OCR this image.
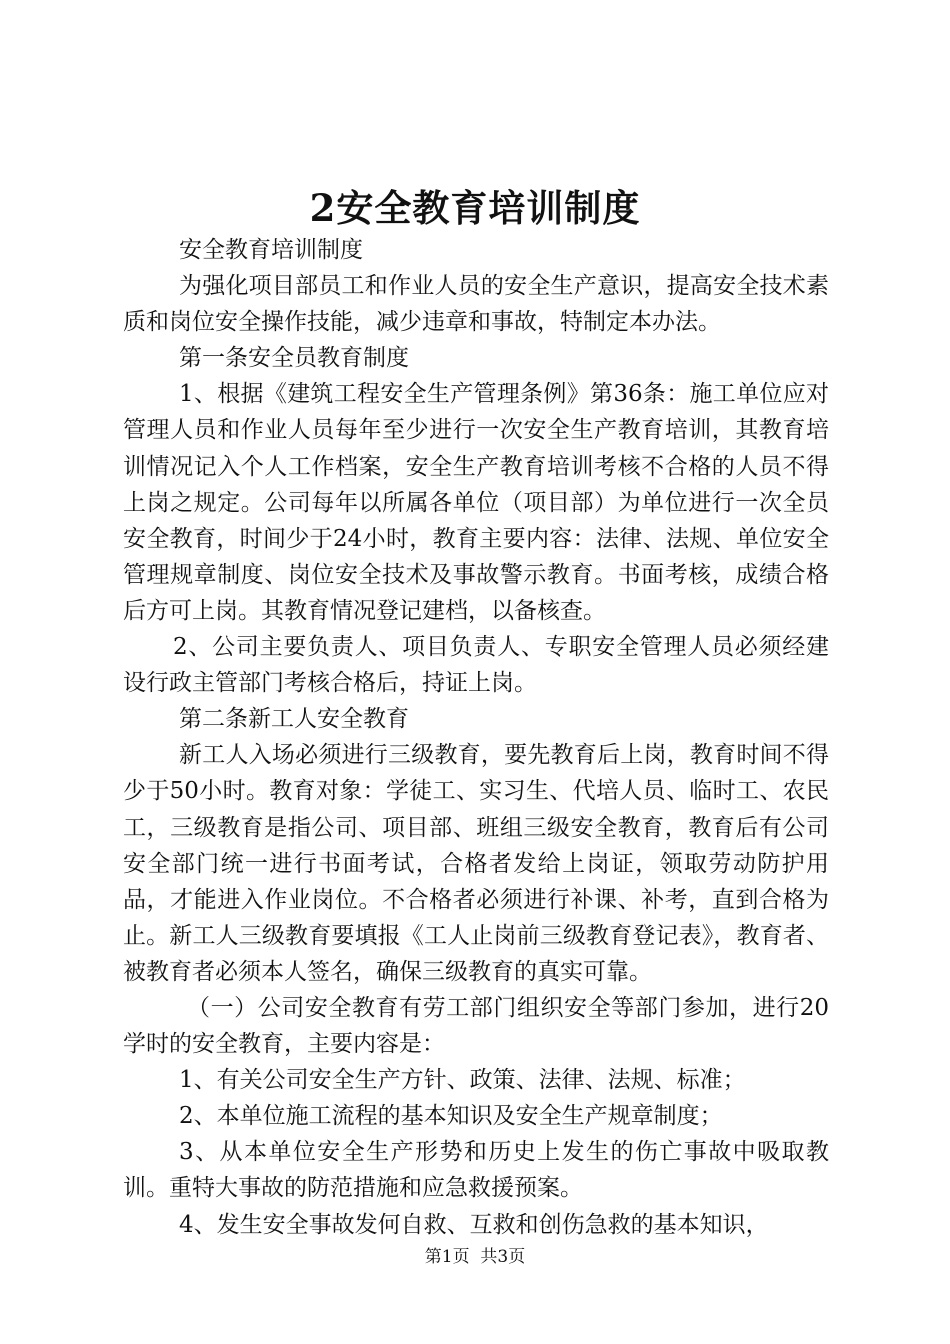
2安全教育培训制度

安全教育培训制度

为强化项目部员工和作业人员的安全生产意识，提高安全技术素质和岗位安全操作技能，减少违章和事故，特制定本办法。

第一条安全员教育制度

1、根据《建筑工程安全生产管理条例》第36条：施工单位应对管理人员和作业人员每年至少进行一次安全生产教育培训，其教育培训情况记入个人工作档案，安全生产教育培训考核不合格的人员不得上岗之规定。公司每年以所属各单位（项目部）为单位进行一次全员安全教育，时间少于24小时，教育主要内容：法律、法规、单位安全管理规章制度、岗位安全技术及事故警示教育。书面考核，成绩合格后方可上岗。其教育情况登记建档，以备核查。

2、公司主要负责人、项目负责人、专职安全管理人员必须经建设行政主管部门考核合格后，持证上岗。

第二条新工人安全教育

新工人入场必须进行三级教育，要先教育后上岗，教育时间不得少于50小时。教育对象：学徒工、实习生、代培人员、临时工、农民工，三级教育是指公司、项目部、班组三级安全教育，教育后有公司安全部门统一进行书面考试，合格者发给上岗证，领取劳动防护用品，才能进入作业岗位。不合格者必须进行补课、补考，直到合格为止。新工人三级教育要填报《工人止岗前三级教育登记表》，教育者、被教育者必须本人签名，确保三级教育的真实可靠。

（一）公司安全教育有劳工部门组织安全等部门参加，进行20学时的安全教育，主要内容是：

1、有关公司安全生产方针、政策、法律、法规、标准；

2、本单位施工流程的基本知识及安全生产规章制度；

3、从本单位安全生产形势和历史上发生的伤亡事故中吸取教训。重特大事故的防范措施和应急救援预案。

4、发生安全事故发何自救、互救和创伤急救的基本知识，

第1页  共3页
